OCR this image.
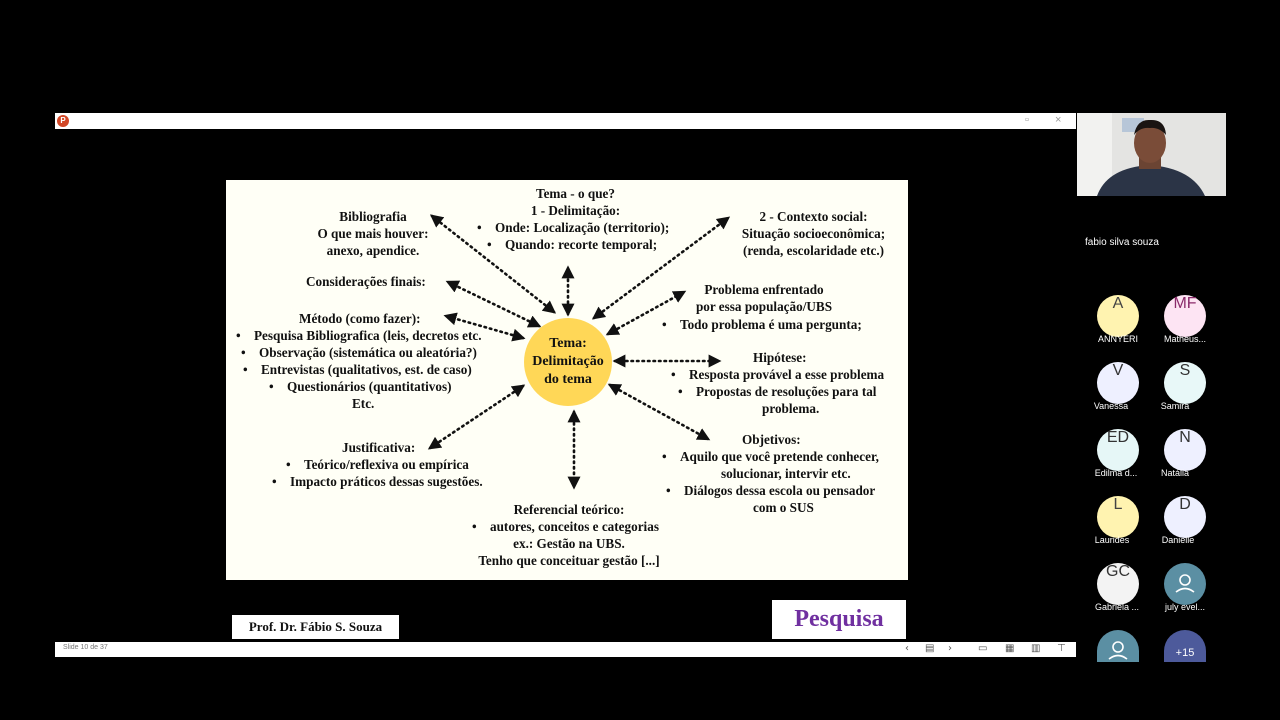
P	▫ ×
Tema:
Delimitação
do tema
Tema - o que?
1 - Delimitação:
• Onde: Localização (territorio);
• Quando: recorte temporal;
Bibliografia
O que mais houver:
anexo, apendice.
2 - Contexto social:
Situação socioeconômica;
(renda, escolaridade etc.)
Considerações finais:
Problema enfrentado
por essa população/UBS
• Todo problema é uma pergunta;
Método (como fazer):
• Pesquisa Bibliografica (leis, decretos etc.
• Observação (sistemática ou aleatória?)
• Entrevistas (qualitativos, est. de caso)
• Questionários (quantitativos)
Etc.
Hipótese:
• Resposta provável a esse problema
• Propostas de resoluções para tal
problema.
Justificativa:
• Teórico/reflexiva ou empírica
• Impacto práticos dessas sugestões.
Objetivos:
• Aquilo que você pretende conhecer,
solucionar, intervir etc.
• Diálogos dessa escola ou pensador
com o SUS
Referencial teórico:
• autores, conceitos e categorias
ex.: Gestão na UBS.
Tenho que conceituar gestão [...]
Prof. Dr. Fábio S. Souza	Pesquisa
Slide 10 de 37	‹ ▤ ›	▭ ▦ ▥ ⊤
fabio silva souza
A
ANNYERI
MF
Matheus...
V
Vanessa
S
Samira
ED
Edilma d...
N
Natália
L
Laurides
D
Danielle
GC
Gabriela ...	july evel...
+15
